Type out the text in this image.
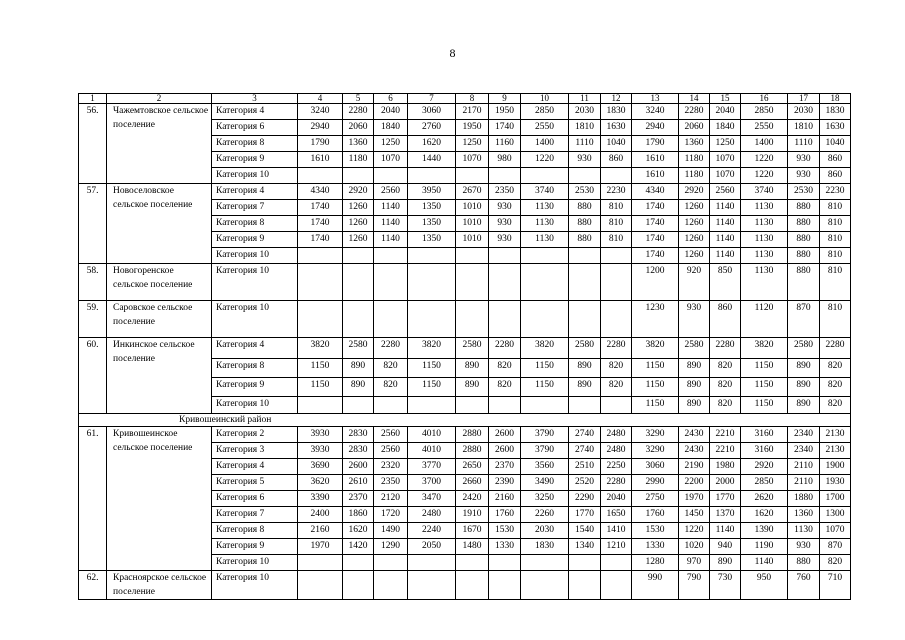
8
1	2	3	4	5	6	7	8	9	10	11	12	13	14	15	16	17	18
56.	Чажемтовское сельское поселение	Категория 4	3240	2280	2040	3060	2170	1950	2850	2030	1830	3240	2280	2040	2850	2030	1830
		Категория 6	2940	2060	1840	2760	1950	1740	2550	1810	1630	2940	2060	1840	2550	1810	1630
		Категория 8	1790	1360	1250	1620	1250	1160	1400	1110	1040	1790	1360	1250	1400	1110	1040
		Категория 9	1610	1180	1070	1440	1070	980	1220	930	860	1610	1180	1070	1220	930	860
		Категория 10										1610	1180	1070	1220	930	860
57.	Новоселовское сельское поселение	Категория 4	4340	2920	2560	3950	2670	2350	3740	2530	2230	4340	2920	2560	3740	2530	2230
		Категория 7	1740	1260	1140	1350	1010	930	1130	880	810	1740	1260	1140	1130	880	810
		Категория 8	1740	1260	1140	1350	1010	930	1130	880	810	1740	1260	1140	1130	880	810
		Категория 9	1740	1260	1140	1350	1010	930	1130	880	810	1740	1260	1140	1130	880	810
		Категория 10										1740	1260	1140	1130	880	810
58.	Новогоренское сельское поселение	Категория 10										1200	920	850	1130	880	810
59.	Саровское сельское поселение	Категория 10										1230	930	860	1120	870	810
60.	Инкинское сельское поселение	Категория 4	3820	2580	2280	3820	2580	2280	3820	2580	2280	3820	2580	2280	3820	2580	2280
		Категория 8	1150	890	820	1150	890	820	1150	890	820	1150	890	820	1150	890	820
		Категория 9	1150	890	820	1150	890	820	1150	890	820	1150	890	820	1150	890	820
		Категория 10										1150	890	820	1150	890	820
Кривошеинский район																	
61.	Кривошеинское сельское поселение	Категория 2	3930	2830	2560	4010	2880	2600	3790	2740	2480	3290	2430	2210	3160	2340	2130
		Категория 3	3930	2830	2560	4010	2880	2600	3790	2740	2480	3290	2430	2210	3160	2340	2130
		Категория 4	3690	2600	2320	3770	2650	2370	3560	2510	2250	3060	2190	1980	2920	2110	1900
		Категория 5	3620	2610	2350	3700	2660	2390	3490	2520	2280	2990	2200	2000	2850	2110	1930
		Категория 6	3390	2370	2120	3470	2420	2160	3250	2290	2040	2750	1970	1770	2620	1880	1700
		Категория 7	2400	1860	1720	2480	1910	1760	2260	1770	1650	1760	1450	1370	1620	1360	1300
		Категория 8	2160	1620	1490	2240	1670	1530	2030	1540	1410	1530	1220	1140	1390	1130	1070
		Категория 9	1970	1420	1290	2050	1480	1330	1830	1340	1210	1330	1020	940	1190	930	870
		Категория 10										1280	970	890	1140	880	820
62.	Красноярское сельское поселение	Категория 10										990	790	730	950	760	710
